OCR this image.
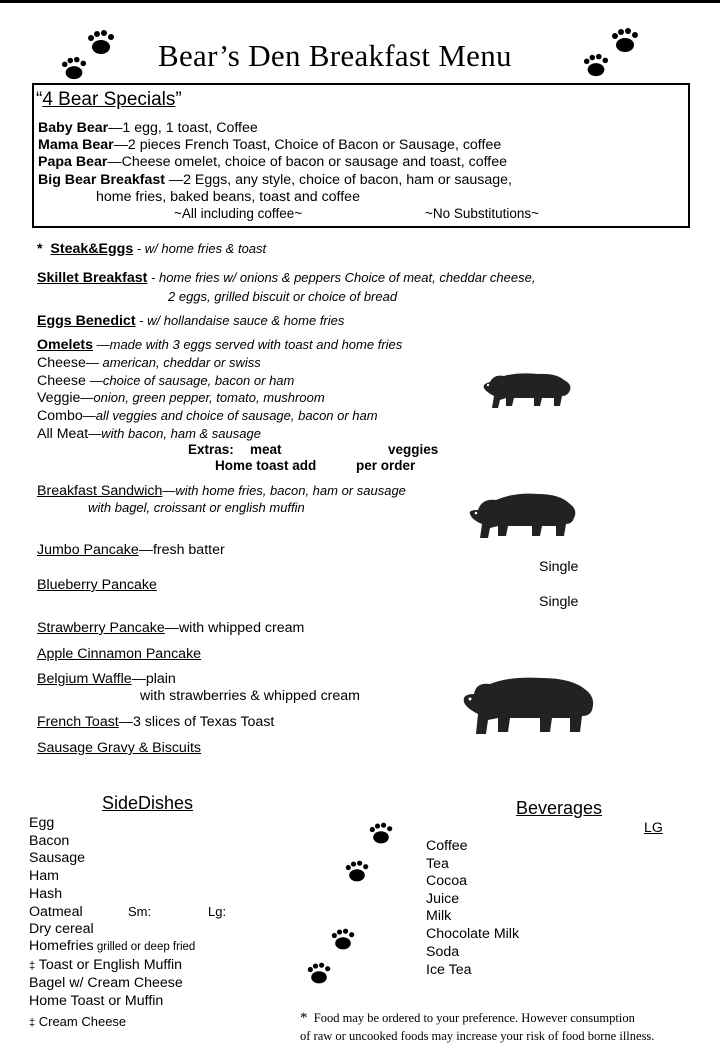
Bear’s Den Breakfast Menu
“4 Bear Specials”
Baby Bear—1 egg, 1 toast, Coffee
Mama Bear—2 pieces French Toast, Choice of Bacon or Sausage, coffee
Papa Bear—Cheese omelet, choice of bacon or sausage and toast, coffee
Big Bear Breakfast —2 Eggs, any style, choice of bacon, ham or sausage,
home fries, baked beans, toast and coffee
~All including coffee~	~No Substitutions~
* Steak&Eggs - w/ home fries & toast
Skillet Breakfast - home fries w/ onions & peppers Choice of meat, cheddar cheese,
2 eggs, grilled biscuit or choice of bread
Eggs Benedict - w/ hollandaise sauce & home fries
Omelets —made with 3 eggs served with toast and home fries
Cheese— american, cheddar or swiss
Cheese —choice of sausage, bacon or ham
Veggie—onion, green pepper, tomato, mushroom
Combo—all veggies and choice of sausage, bacon or ham
All Meat—with bacon, ham & sausage
Extras: meat	veggies
Home toast add	per order
Breakfast Sandwich—with home fries, bacon, ham or sausage
with bagel, croissant or english muffin
Jumbo Pancake—fresh batter
Single
Blueberry Pancake
Single
Strawberry Pancake—with whipped cream
Apple Cinnamon Pancake
Belgium Waffle—plain
with strawberries & whipped cream
French Toast—3 slices of Texas Toast
Sausage Gravy & Biscuits
SideDishes
Egg
Bacon
Sausage
Ham
Hash
Oatmeal	Sm:	Lg:
Dry cereal
Homefries grilled or deep fried
‡ Toast or English Muffin
Bagel w/ Cream Cheese
Home Toast or Muffin
‡ Cream Cheese
Beverages
LG
Coffee
Tea
Cocoa
Juice
Milk
Chocolate Milk
Soda
Ice Tea
* Food may be ordered to your preference. However consumption
of raw or uncooked foods may increase your risk of food borne illness.
